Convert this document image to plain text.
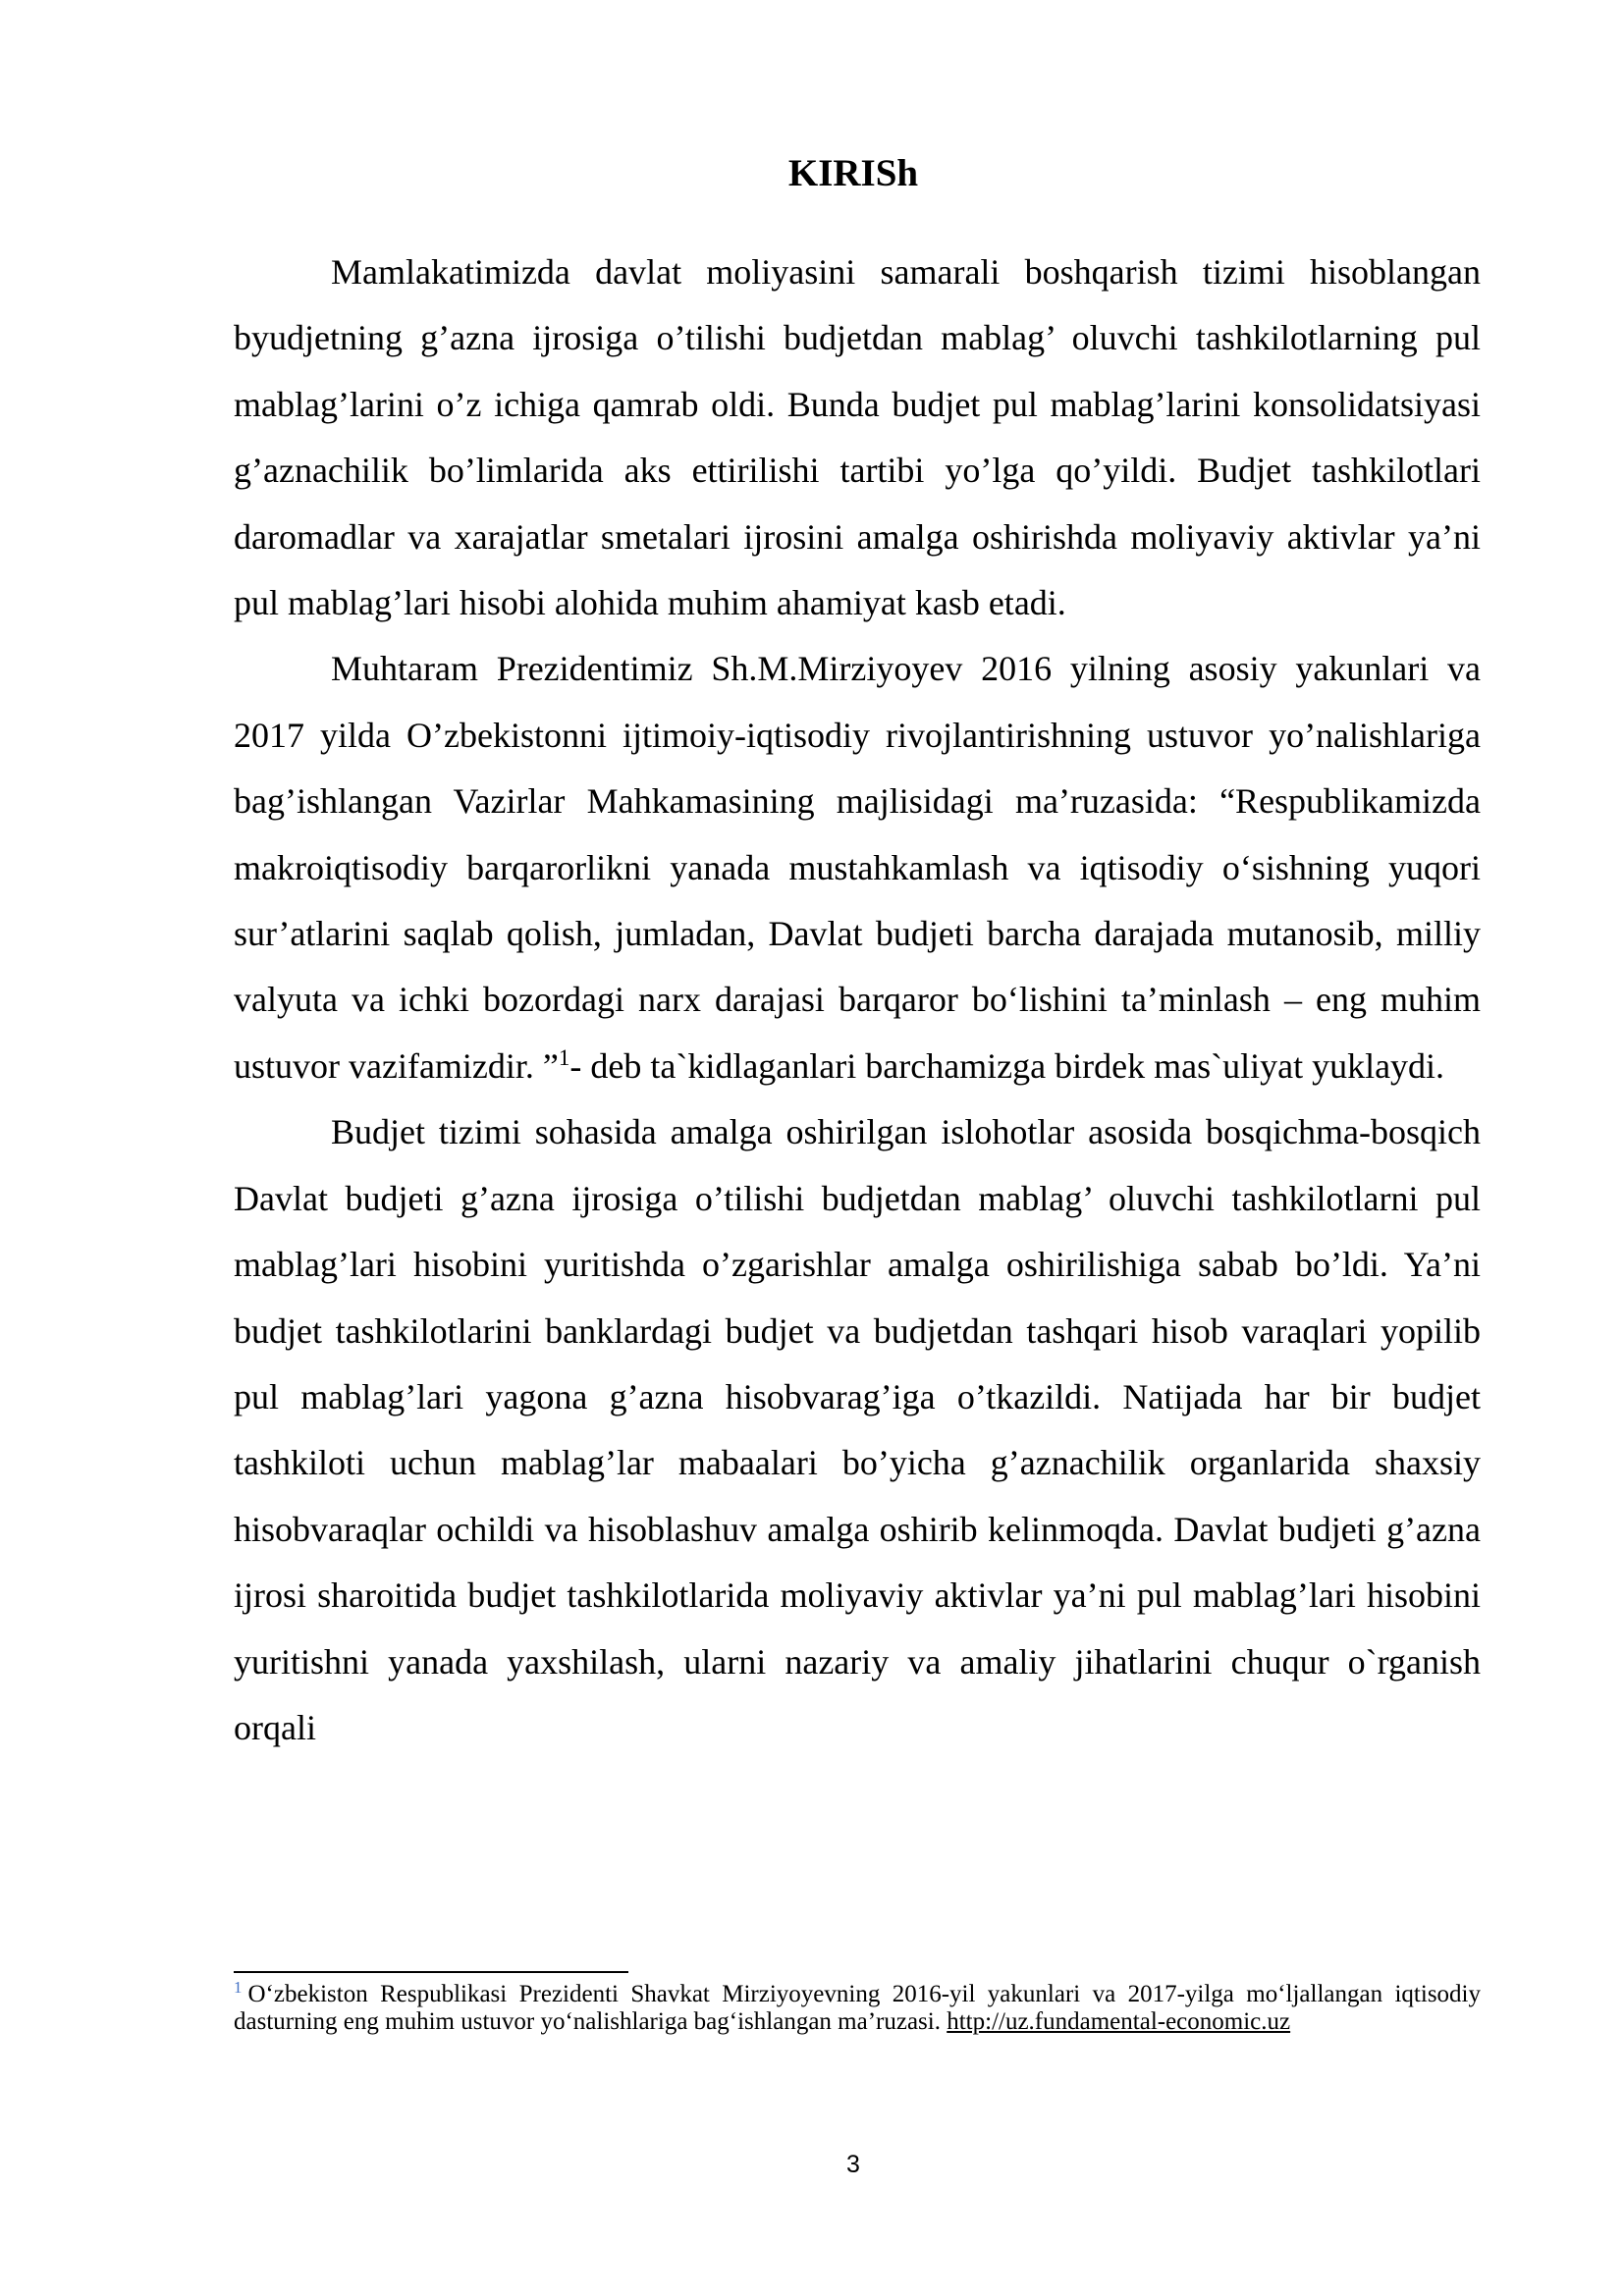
KIRISh

Mamlakatimizda davlat moliyasini samarali boshqarish tizimi hisoblangan byudjetning g’azna ijrosiga o’tilishi budjetdan mablag’ oluvchi tashkilotlarning pul mablag’larini o’z ichiga qamrab oldi. Bunda budjet pul mablag’larini konsolidatsiyasi g’aznachilik bo’limlarida aks ettirilishi tartibi yo’lga qo’yildi. Budjet tashkilotlari daromadlar va xarajatlar smetalari ijrosini amalga oshirishda moliyaviy aktivlar ya’ni pul mablag’lari hisobi alohida muhim ahamiyat kasb etadi.

Muhtaram Prezidentimiz Sh.M.Mirziyoyev 2016 yilning asosiy yakunlari va 2017 yilda O’zbekistonni ijtimoiy-iqtisodiy rivojlantirishning ustuvor yo’nalishlariga bag’ishlangan Vazirlar Mahkamasining majlisidagi ma’ruzasida: “Respublikamizda makroiqtisodiy barqarorlikni yanada mustahkamlash va iqtisodiy o‘sishning yuqori sur’atlarini saqlab qolish, jumladan, Davlat budjeti barcha darajada mutanosib, milliy valyuta va ichki bozordagi narx darajasi barqaror bo‘lishini ta’minlash – eng muhim ustuvor vazifamizdir. ”$^1$- deb ta`kidlaganlari barchamizga birdek mas`uliyat yuklaydi.

Budjet tizimi sohasida amalga oshirilgan islohotlar asosida bosqichma-bosqich Davlat budjeti g’azna ijrosiga o’tilishi budjetdan mablag’ oluvchi tashkilotlarni pul mablag’lari hisobini yuritishda o’zgarishlar amalga oshirilishiga sabab bo’ldi. Ya’ni budjet tashkilotlarini banklardagi budjet va budjetdan tashqari hisob varaqlari yopilib pul mablag’lari yagona g’azna hisobvarag’iga o’tkazildi. Natijada har bir budjet tashkiloti uchun mablag’lar mabaalari bo’yicha g’aznachilik organlarida shaxsiy hisobvaraqlar ochildi va hisoblashuv amalga oshirib kelinmoqda. Davlat budjeti g’azna ijrosi sharoitida budjet tashkilotlarida moliyaviy aktivlar ya’ni pul mablag’lari hisobini yuritishni yanada yaxshilash, ularni nazariy va amaliy jihatlarini chuqur o`rganish orqali

$^1$ O‘zbekiston Respublikasi Prezidenti Shavkat Mirziyoyevning 2016-yil yakunlari va 2017-yilga mo‘ljallangan iqtisodiy dasturning eng muhim ustuvor yo‘nalishlariga bag‘ishlangan ma’ruzasi. http://uz.fundamental-economic.uz
3
